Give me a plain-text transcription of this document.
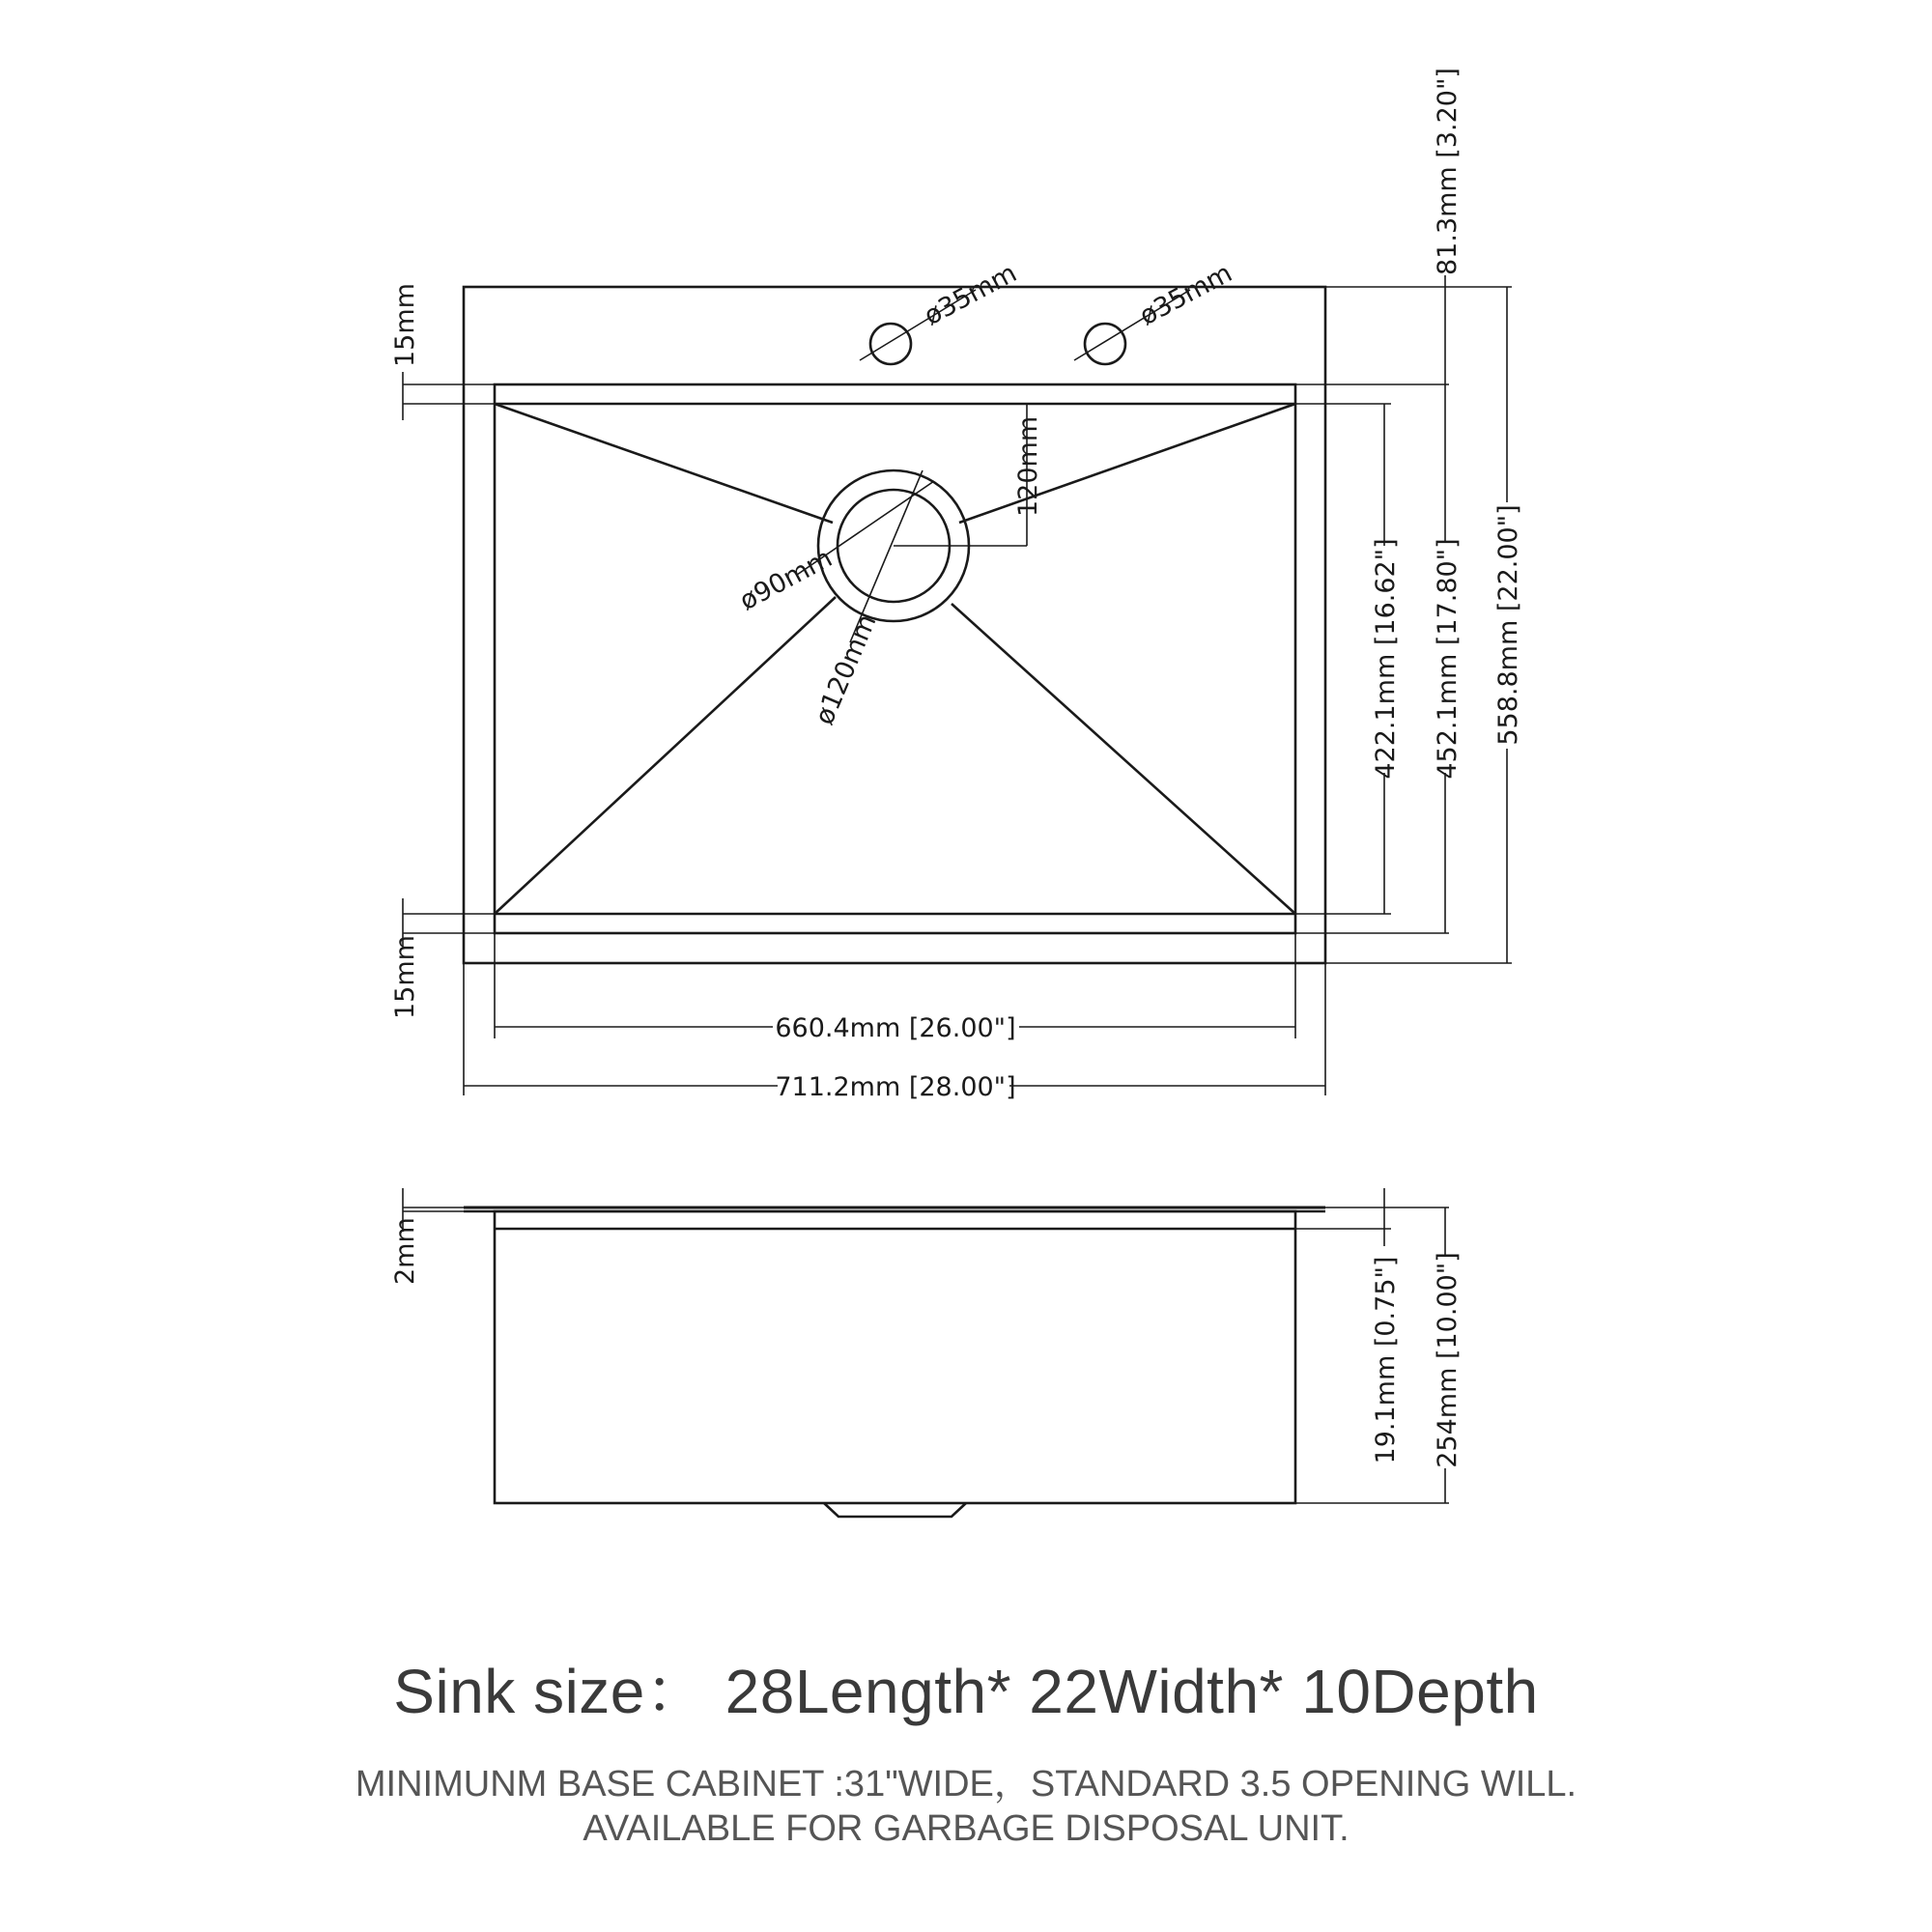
ø35mm	ø35mm
ø90mm
ø120mm
120mm
15mm
15mm
660.4mm [26.00"]
711.2mm [28.00"]
81.3mm [3.20"]
422.1mm [16.62"] 452.1mm [17.80"] 558.8mm [22.00"]
2mm
19.1mm [0.75"] 254mm [10.00"]
Sink size： 28Length* 22Width* 10Depth
MINIMUNM BASE CABINET :31"WIDE，STANDARD 3.5 OPENING WILL.
AVAILABLE FOR GARBAGE DISPOSAL UNIT.
